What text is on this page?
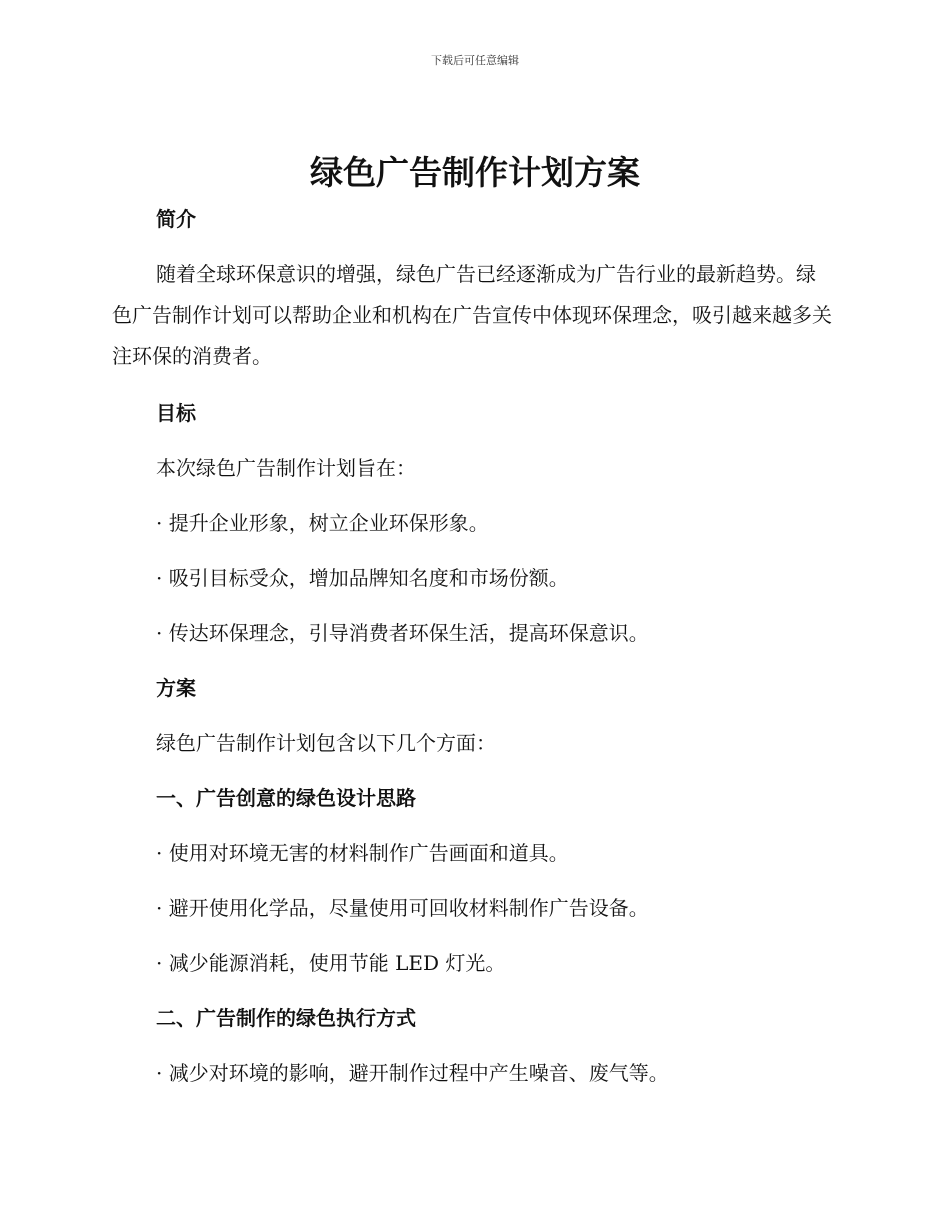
下载后可任意编辑
绿色广告制作计划方案
简介

随着全球环保意识的增强，绿色广告已经逐渐成为广告行业的最新趋势。绿色广告制作计划可以帮助企业和机构在广告宣传中体现环保理念，吸引越来越多关注环保的消费者。

目标

本次绿色广告制作计划旨在：

· 提升企业形象，树立企业环保形象。

· 吸引目标受众，增加品牌知名度和市场份额。

· 传达环保理念，引导消费者环保生活，提高环保意识。

方案

绿色广告制作计划包含以下几个方面：

一、广告创意的绿色设计思路

· 使用对环境无害的材料制作广告画面和道具。

· 避开使用化学品，尽量使用可回收材料制作广告设备。

· 减少能源消耗，使用节能 LED 灯光。

二、广告制作的绿色执行方式

· 减少对环境的影响，避开制作过程中产生噪音、废气等。
